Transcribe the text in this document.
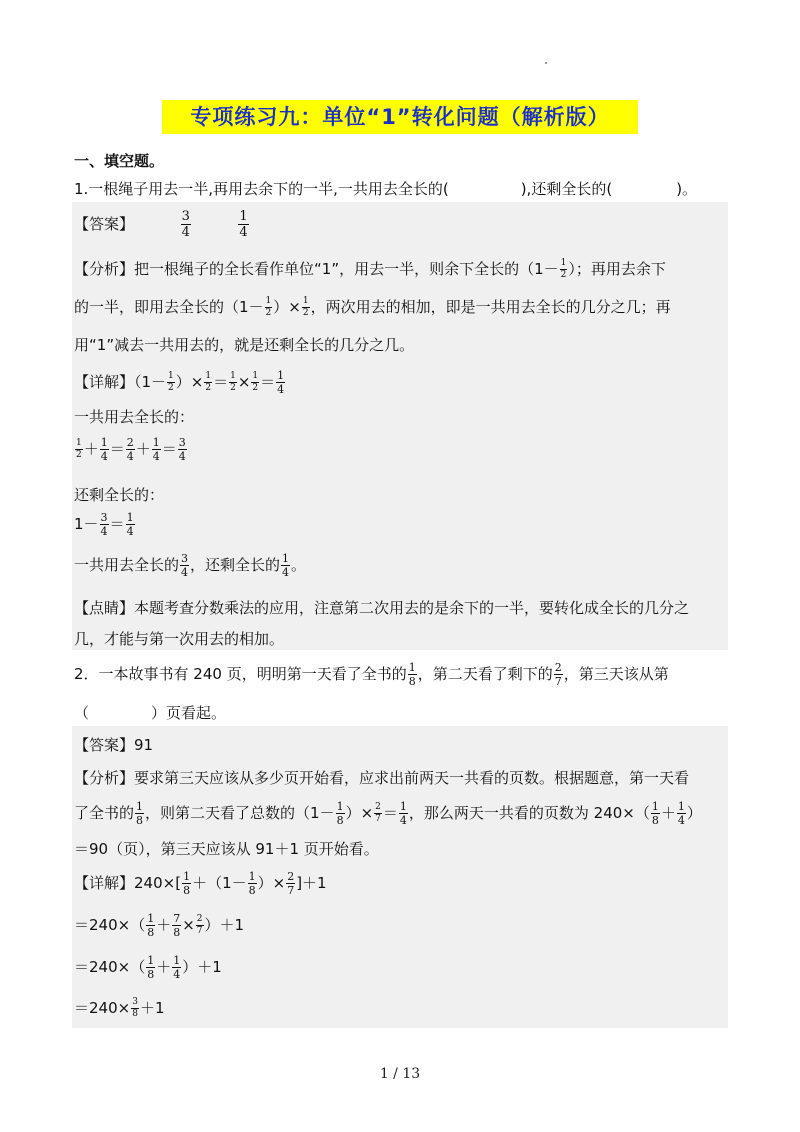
专项练习九：单位“1”转化问题（解析版）
一、填空题。
1.一根绳子用去一半,再用去余下的一半,一共用去全长的(	),还剩全长的(	)。
【答案】	$\frac{3}{4}$
	$\frac{1}{4}$
【分析】把一根绳子的全长看作单位“1”，用去一半，则余下全长的（$1- \frac{1}{2}$ ）；再用去余下
的一半，即用去全长的（$1- \frac{1}{2}$ ）× $\frac{1}{2}$ ，两次用去的相加，即是一共用去全长的几分之几；再
用“1”减去一共用去的，就是还剩全长的几分之几。
【详解】（$1- \frac{1}{2}$ ）× $\frac{1}{2} = \frac{1}{2} \times \frac{1}{2} = \frac{1}{4}$
一共用去全长的：
$\frac{1}{2} + \frac{1}{4} = \frac{2}{4} + \frac{1}{4} = \frac{3}{4}$
还剩全长的：
$1- \frac{3}{4} = \frac{1}{4}$
一共用去全长的 $\frac{3}{4}$ ，还剩全长的 $\frac{1}{4}$ 。
【点睛】本题考查分数乘法的应用，注意第二次用去的是余下的一半，要转化成全长的几分之
几，才能与第一次用去的相加。
2．一本故事书有 240 页，明明第一天看了全书的 $\frac{1}{8}$ ，第二天看了剩下的 $\frac{2}{7}$ ，第三天该从第
（	）页看起。
【答案】91
【分析】要求第三天应该从多少页开始看，应求出前两天一共看的页数。根据题意，第一天看
了全书的 $\frac{1}{8}$ ，则第二天看了总数的（$1- \frac{1}{8}$ ）× $\frac{2}{7} = \frac{1}{4}$ ，那么两天一共看的页数为 $240\times( \frac{1}{8} + \frac{1}{4}$ ）
＝90（页），第三天应该从 91＋1 页开始看。
【详解】$240\times[ \frac{1}{8} +(1- \frac{1}{8}$ ）× $\frac{2}{7} ]+1$
$=240\times( \frac{1}{8} + \frac{7}{8} \times \frac{2}{7} )+1$
$=240\times( \frac{1}{8} + \frac{1}{4} )+1$
$=240\times \frac{3}{8} +1$
1 / 13
